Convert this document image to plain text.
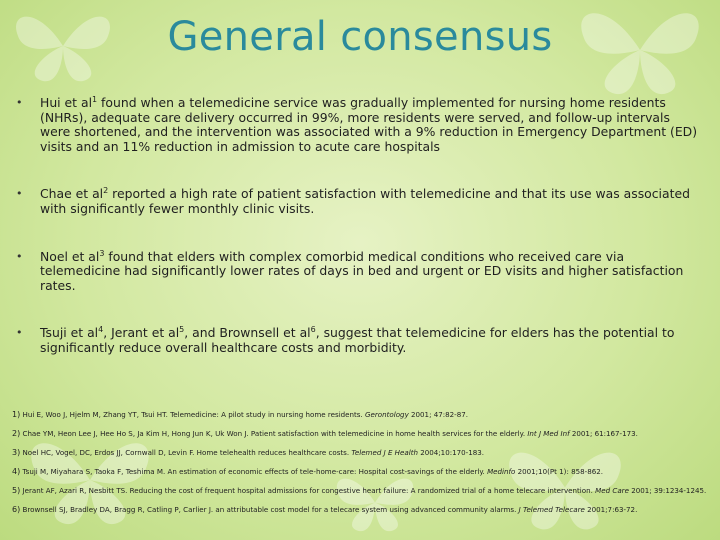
General consensus
• Hui et $al^1$ found when a telemedicine service was gradually implemented for nursing home residents (NHRs), adequate care delivery occurred in 99%, more residents were served, and follow-up intervals were shortened, and the intervention was associated with a 9% reduction in Emergency Department (ED) visits and an 11% reduction in admission to acute care hospitals
• Chae et $al^2$ reported a high rate of patient satisfaction with telemedicine and that its use was associated with significantly fewer monthly clinic visits.
• Noel et $al^3$ found that elders with complex comorbid medical conditions who received care via telemedicine had significantly lower rates of days in bed and urgent or ED visits and higher satisfaction rates.
• Tsuji et $al^4$, Jerant et $al^5$, and Brownsell et $al^6$, suggest that telemedicine for elders has the potential to significantly reduce overall healthcare costs and morbidity.
1) Hui E, Woo J, Hjelm M, Zhang YT, Tsui HT. Telemedicine: A pilot study in nursing home residents. Gerontology 2001; 47:82-87.
2) Chae YM, Heon Lee J, Hee Ho S, Ja Kim H, Hong Jun K, Uk Won J. Patient satisfaction with telemedicine in home health services for the elderly. Int J Med Inf 2001; 61:167-173.
3) Noel HC, Vogel, DC, Erdos JJ, Cornwall D, Levin F. Home telehealth reduces healthcare costs. Telemed J E Health 2004;10:170-183.
4) Tsuji M, Miyahara S, Taoka F, Teshima M. An estimation of economic effects of tele-home-care: Hospital cost-savings of the elderly. Medinfo 2001;10(Pt 1): 858-862.
5) Jerant AF, Azari R, Nesbitt TS. Reducing the cost of frequent hospital admissions for congestive heart failure: A randomized trial of a home telecare intervention. Med Care 2001; 39:1234-1245.
6) Brownsell SJ, Bradley DA, Bragg R, Catling P, Carlier J. an attributable cost model for a telecare system using advanced community alarms. J Telemed Telecare 2001;7:63-72.
